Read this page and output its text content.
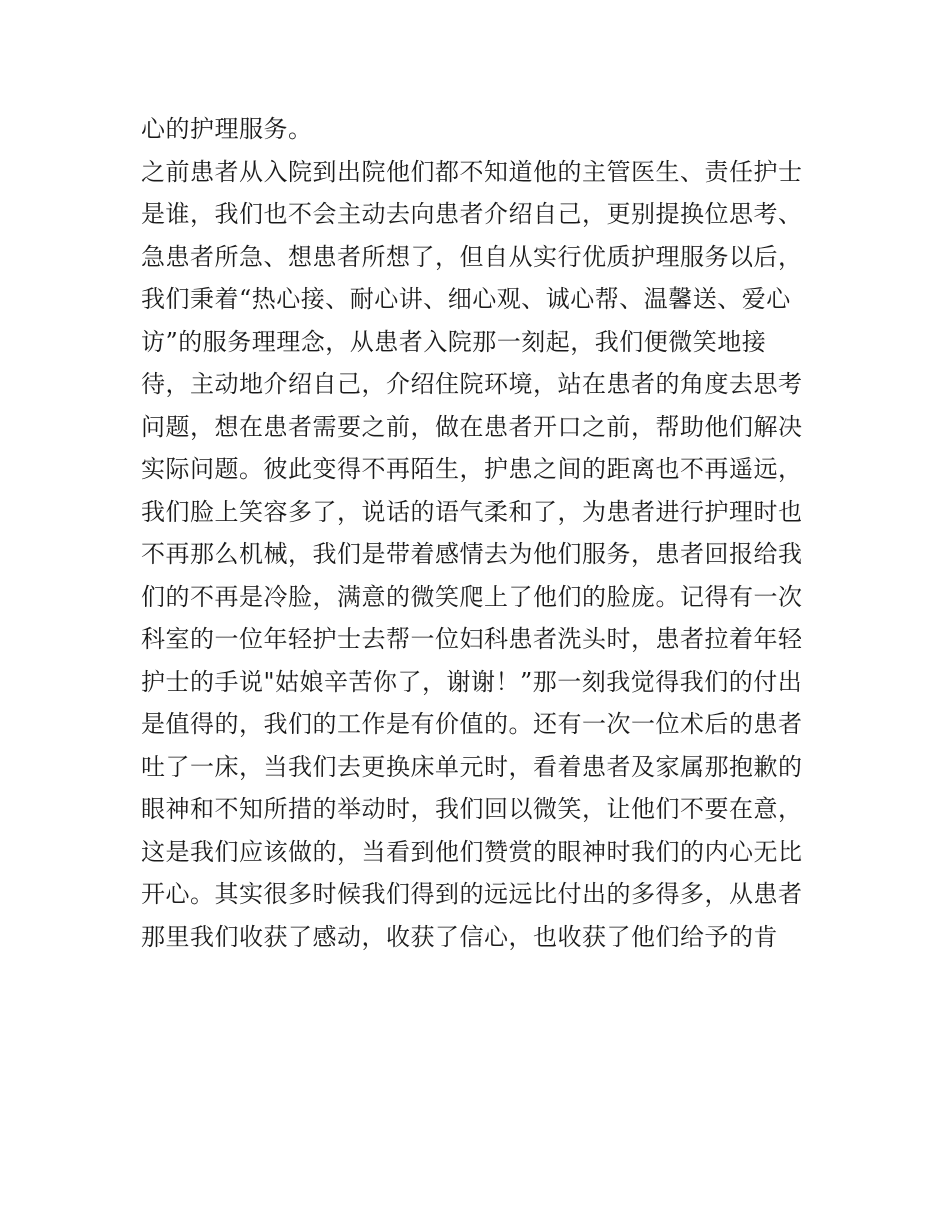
心的护理服务。
之前患者从入院到出院他们都不知道他的主管医生、责任护士
是谁，我们也不会主动去向患者介绍自己，更别提换位思考、
急患者所急、想患者所想了，但自从实行优质护理服务以后，
我们秉着“热心接、耐心讲、细心观、诚心帮、温馨送、爱心
访”的服务理理念，从患者入院那一刻起，我们便微笑地接
待，主动地介绍自己，介绍住院环境，站在患者的角度去思考
问题，想在患者需要之前，做在患者开口之前，帮助他们解决
实际问题。彼此变得不再陌生，护患之间的距离也不再遥远，
我们脸上笑容多了，说话的语气柔和了，为患者进行护理时也
不再那么机械，我们是带着感情去为他们服务，患者回报给我
们的不再是冷脸，满意的微笑爬上了他们的脸庞。记得有一次
科室的一位年轻护士去帮一位妇科患者洗头时，患者拉着年轻
护士的手说"姑娘辛苦你了，谢谢！”那一刻我觉得我们的付出
是值得的，我们的工作是有价值的。还有一次一位术后的患者
吐了一床，当我们去更换床单元时，看着患者及家属那抱歉的
眼神和不知所措的举动时，我们回以微笑，让他们不要在意，
这是我们应该做的，当看到他们赞赏的眼神时我们的内心无比
开心。其实很多时候我们得到的远远比付出的多得多，从患者
那里我们收获了感动，收获了信心，也收获了他们给予的肯
